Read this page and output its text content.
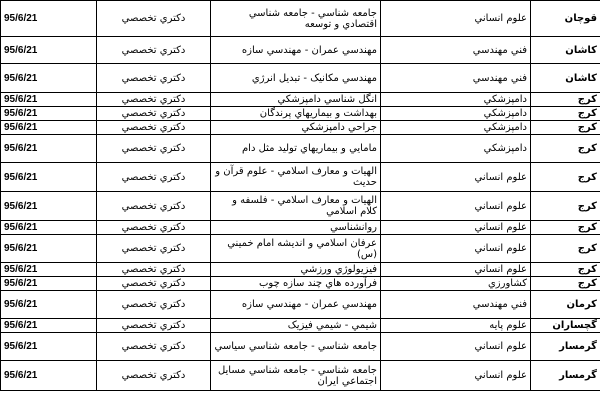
95/6/21	دكتري تخصصي	جامعه شناسي - جامعه شناسي اقتصادي و توسعه	علوم انساني	قوچان
95/6/21	دكتري تخصصي	مهندسي عمران - مهندسي سازه	فني مهندسي	كاشان
95/6/21	دكتري تخصصي	مهندسي مكانيک - تبديل انرژي	فني مهندسي	كاشان
95/6/21	دكتري تخصصي	انگل شناسي دامپزشكي	دامپزشكي	كرج
95/6/21	دكتري تخصصي	بهداشت و بيماريهاي پرندگان	دامپزشكي	كرج
95/6/21	دكتري تخصصي	جراحي دامپزشكي	دامپزشكي	كرج
95/6/21	دكتري تخصصي	مامايي و بيماريهاي توليد مثل دام	دامپزشكي	كرج
95/6/21	دكتري تخصصي	الهيات و معارف اسلامي - علوم قرآن و حديث	علوم انساني	كرج
95/6/21	دكتري تخصصي	الهيات و معارف اسلامي - فلسفه و كلام اسلامي	علوم انساني	كرج
95/6/21	دكتري تخصصي	روانشناسي	علوم انساني	كرج
95/6/21	دكتري تخصصي	عرفان اسلامي و انديشه امام خميني (س)	علوم انساني	كرج
95/6/21	دكتري تخصصي	فيزيولوژي ورزشي	علوم انساني	كرج
95/6/21	دكتري تخصصي	فرآورده هاي چند سازه چوب	كشاورزي	كرج
95/6/21	دكتري تخصصي	مهندسي عمران - مهندسي سازه	فني مهندسي	كرمان
95/6/21	دكتري تخصصي	شيمي - شيمي فيزيک	علوم پايه	گچساران
95/6/21	دكتري تخصصي	جامعه شناسي - جامعه شناسي سياسي	علوم انساني	گرمسار
95/6/21	دكتري تخصصي	جامعه شناسي - جامعه شناسي مسايل اجتماعي ايران	علوم انساني	گرمسار
